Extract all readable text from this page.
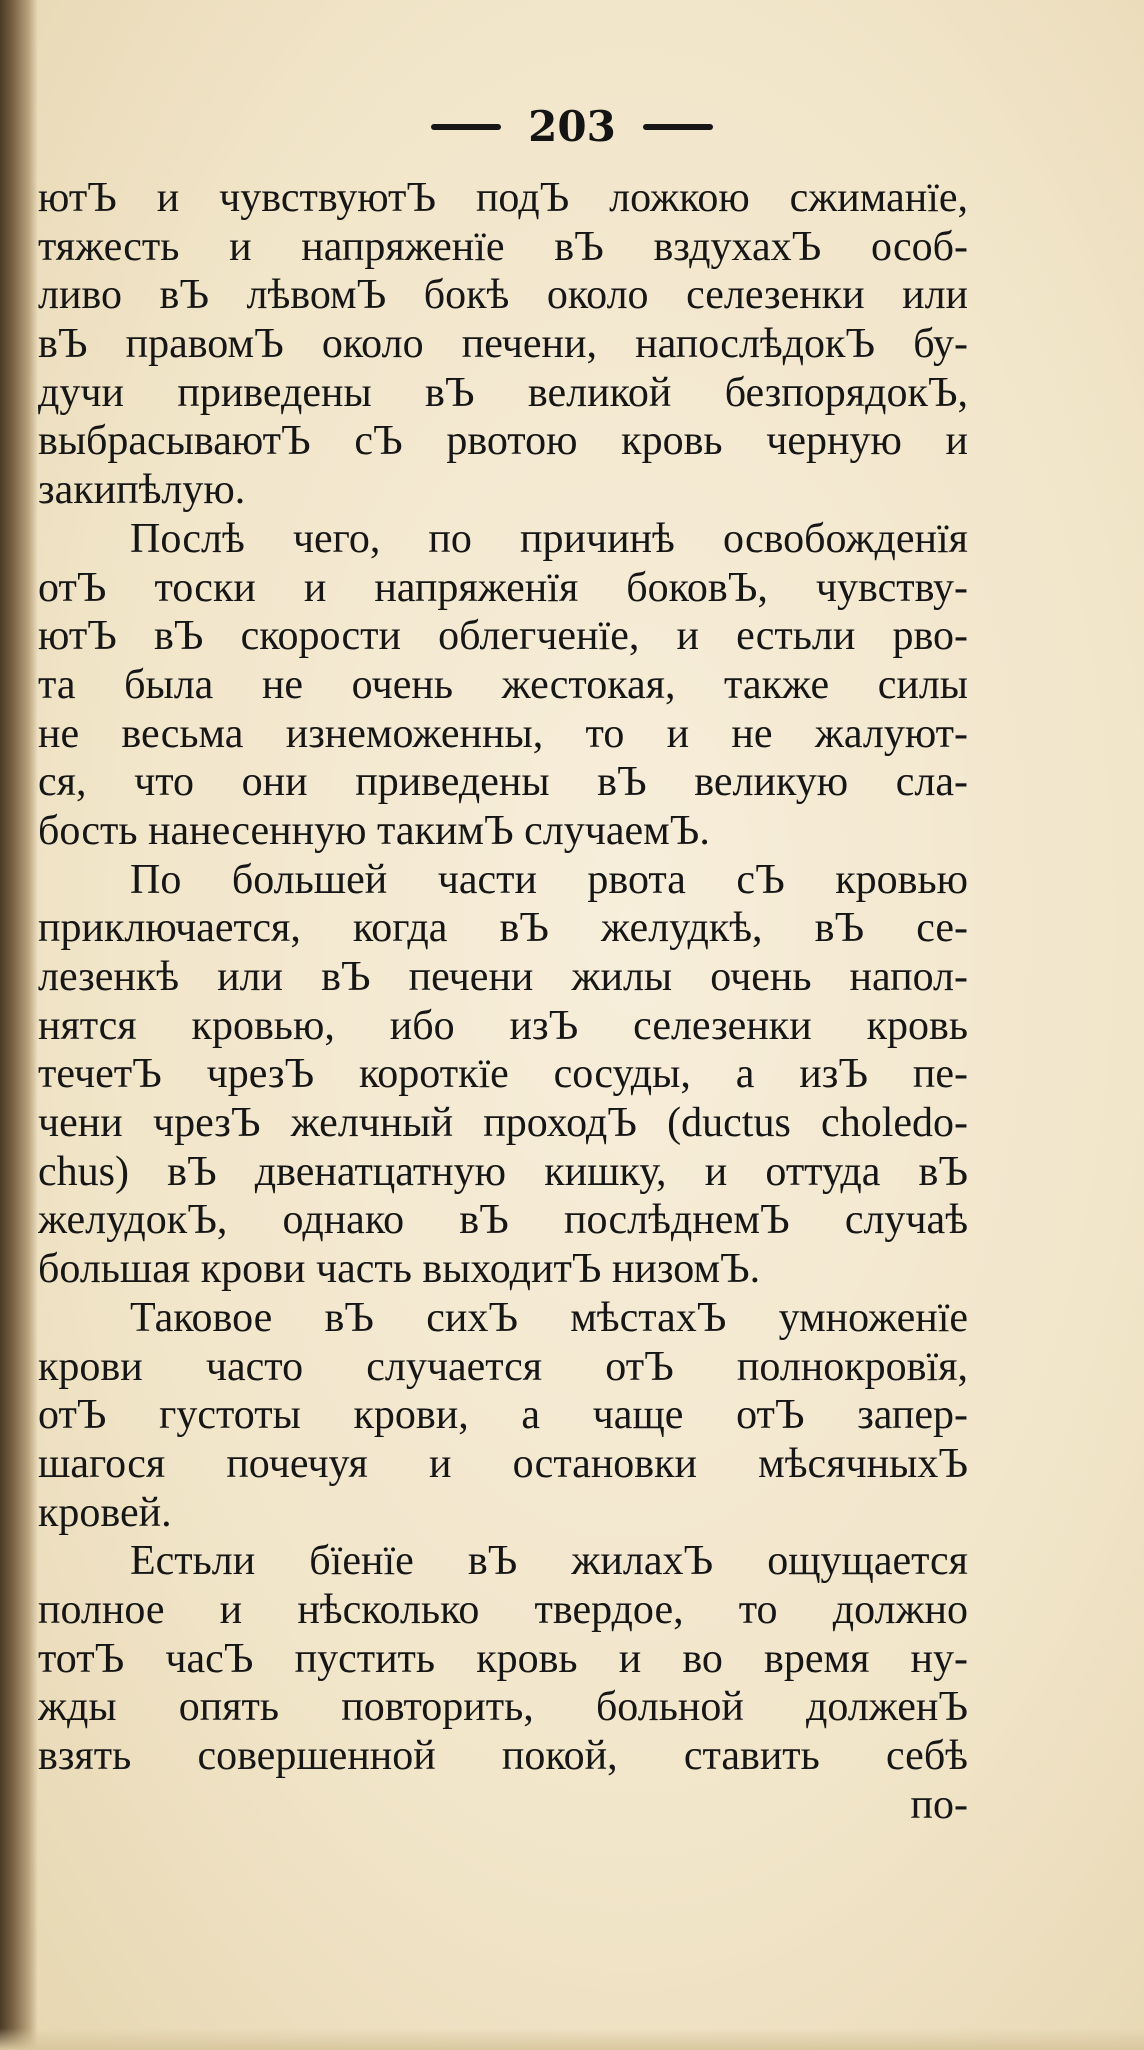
203
ютЪ и чувствуютЪ подЪ ложкою сжиманїе,
тяжесть и напряженїе вЪ вздухахЪ особ-
ливо вЪ лѣвомЪ бокѣ около селезенки или
вЪ правомЪ около печени, напослѣдокЪ бу-
дучи приведены вЪ великой безпорядокЪ,
выбрасываютЪ сЪ рвотою кровь черную и
закипѣлую.
Послѣ чего, по причинѣ освобожденїя
отЪ тоски и напряженїя боковЪ, чувству-
ютЪ вЪ скорости облегченїе, и естьли рво-
та была не очень жестокая, также силы
не весьма изнеможенны, то и не жалуют-
ся, что они приведены вЪ великую сла-
бость нанесенную такимЪ случаемЪ.
По большей части рвота сЪ кровью
приключается, когда вЪ желудкѣ, вЪ се-
лезенкѣ или вЪ печени жилы очень напол-
нятся кровью, ибо изЪ селезенки кровь
течетЪ чрезЪ короткїе сосуды, а изЪ пе-
чени чрезЪ желчный проходЪ (ductus choledo-
chus) вЪ двенатцатную кишку, и оттуда вЪ
желудокЪ, однако вЪ послѣднемЪ случаѣ
большая крови часть выходитЪ низомЪ.
Таковое вЪ сихЪ мѣстахЪ умноженїе
крови часто случается отЪ полнокровїя,
отЪ густоты крови, а чаще отЪ запер-
шагося почечуя и остановки мѣсячныхЪ
кровей.
Естьли бїенїе вЪ жилахЪ ощущается
полное и нѣсколько твердое, то должно
тотЪ часЪ пустить кровь и во время ну-
жды опять повторить, больной долженЪ
взять совершенной покой, ставить себѣ
по-
